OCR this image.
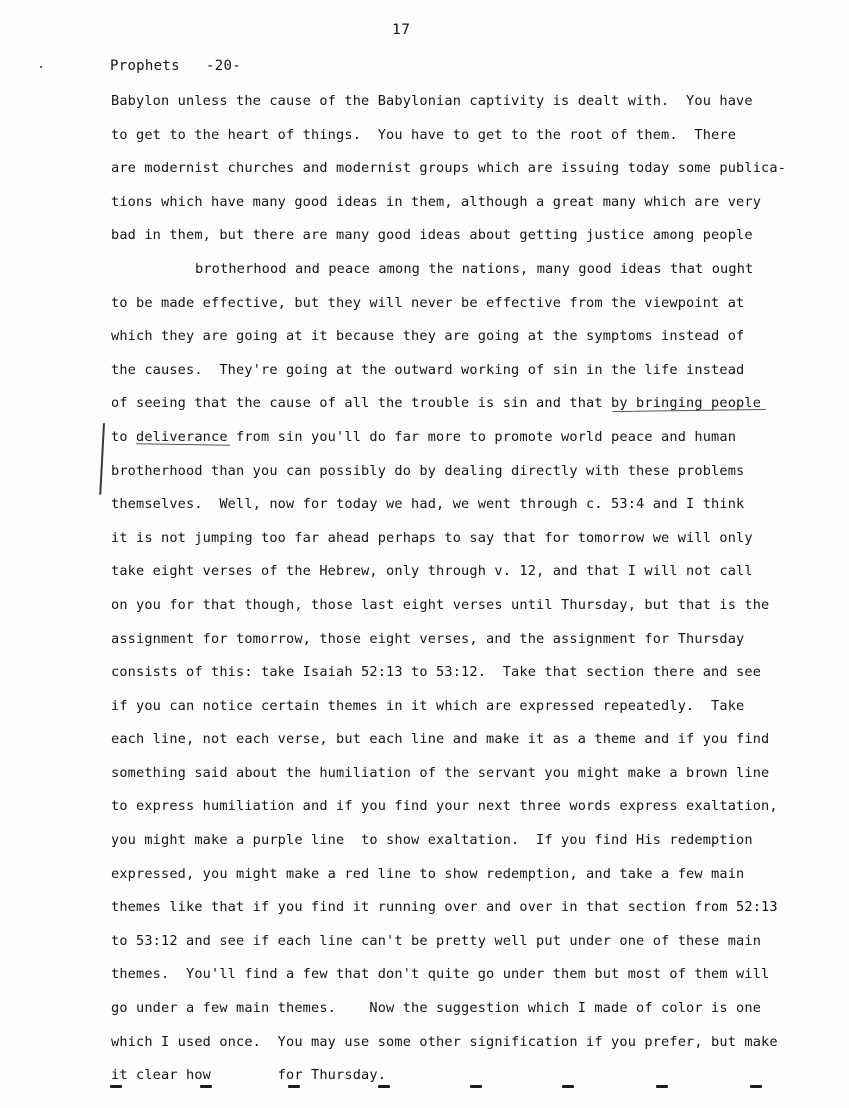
17
Prophets   -20-
Babylon unless the cause of the Babylonian captivity is dealt with.  You have
to get to the heart of things.  You have to get to the root of them.  There
are modernist churches and modernist groups which are issuing today some publica-
tions which have many good ideas in them, although a great many which are very
bad in them, but there are many good ideas about getting justice among people
brotherhood and peace among the nations, many good ideas that ought
to be made effective, but they will never be effective from the viewpoint at
which they are going at it because they are going at the symptoms instead of
the causes.  They're going at the outward working of sin in the life instead
of seeing that the cause of all the trouble is sin and that by bringing people
to deliverance from sin you'll do far more to promote world peace and human
brotherhood than you can possibly do by dealing directly with these problems
themselves.  Well, now for today we had, we went through c. 53:4 and I think
it is not jumping too far ahead perhaps to say that for tomorrow we will only
take eight verses of the Hebrew, only through v. 12, and that I will not call
on you for that though, those last eight verses until Thursday, but that is the
assignment for tomorrow, those eight verses, and the assignment for Thursday
consists of this: take Isaiah 52:13 to 53:12.  Take that section there and see
if you can notice certain themes in it which are expressed repeatedly.  Take
each line, not each verse, but each line and make it as a theme and if you find
something said about the humiliation of the servant you might make a brown line
to express humiliation and if you find your next three words express exaltation,
you might make a purple line  to show exaltation.  If you find His redemption
expressed, you might make a red line to show redemption, and take a few main
themes like that if you find it running over and over in that section from 52:13
to 53:12 and see if each line can't be pretty well put under one of these main
themes.  You'll find a few that don't quite go under them but most of them will
go under a few main themes.    Now the suggestion which I made of color is one
which I used once.  You may use some other signification if you prefer, but make
it clear how        for Thursday.
